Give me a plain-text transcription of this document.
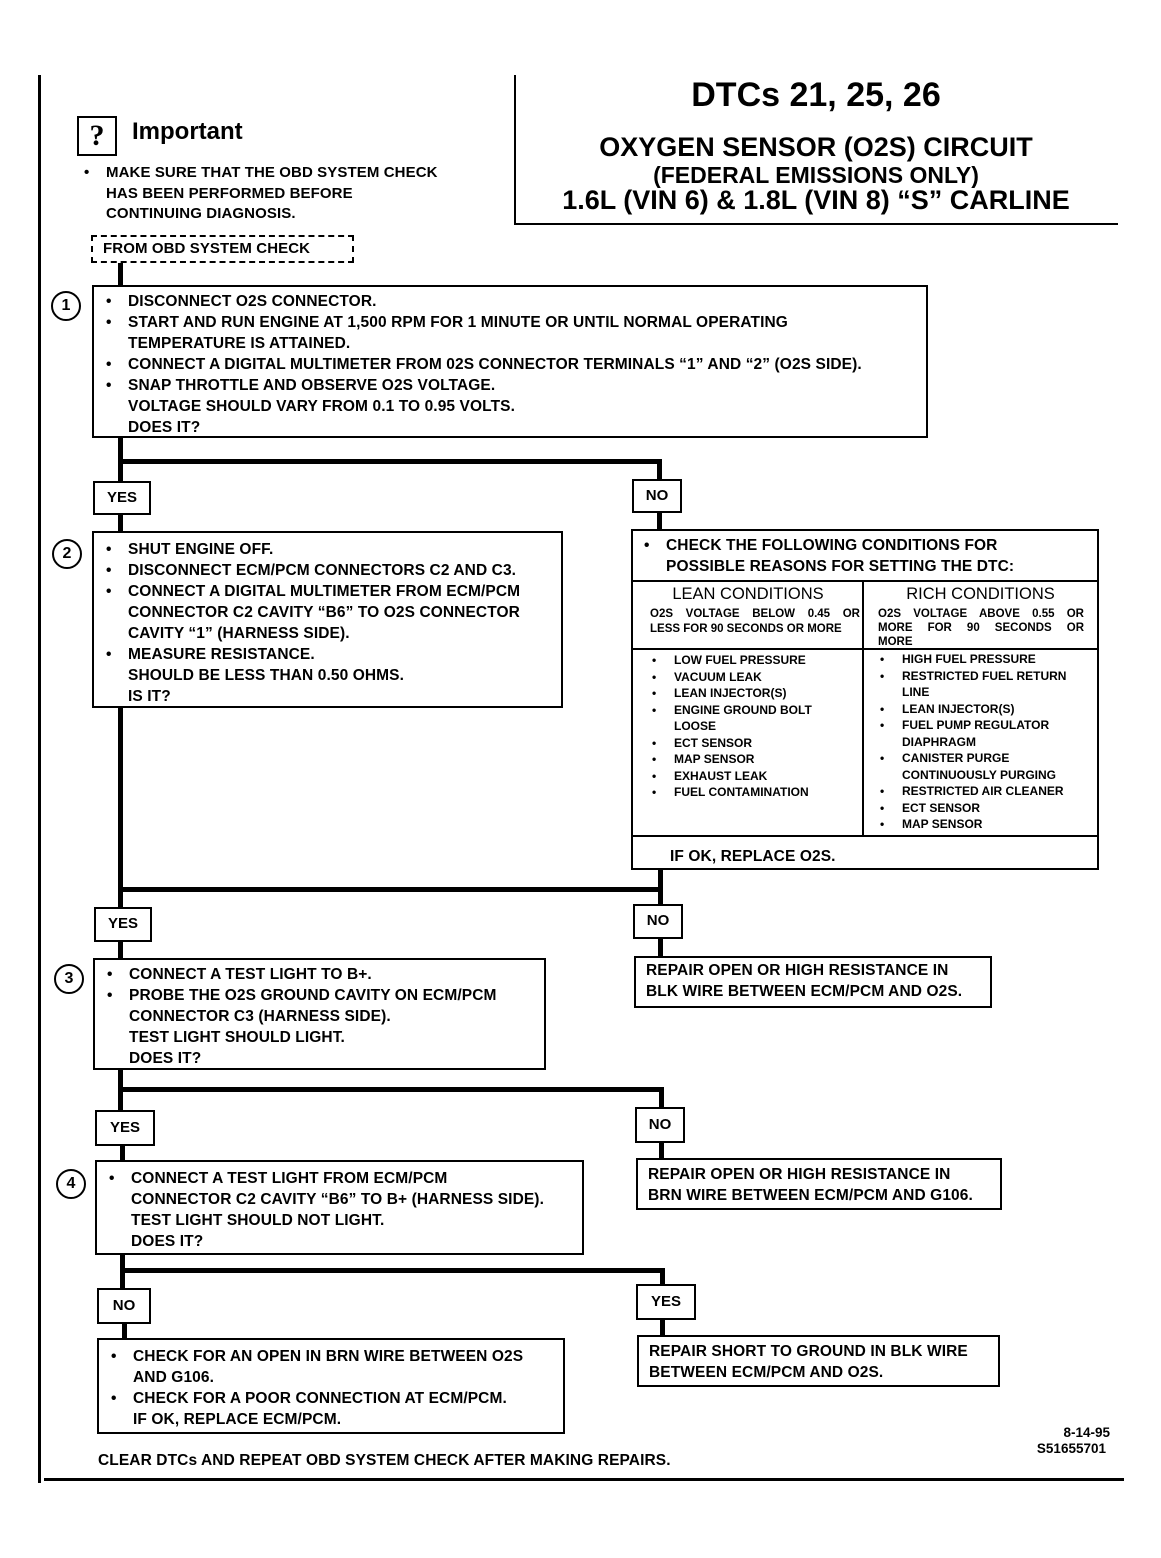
DTCs 21, 25, 26
OXYGEN SENSOR (O2S) CIRCUIT
(FEDERAL EMISSIONS ONLY)
1.6L (VIN 6) & 1.8L (VIN 8) “S” CARLINE
?	Important
• MAKE SURE THAT THE OBD SYSTEM CHECK
HAS BEEN PERFORMED BEFORE
CONTINUING DIAGNOSIS.
FROM OBD SYSTEM CHECK
1	• DISCONNECT O2S CONNECTOR.
• START AND RUN ENGINE AT 1,500 RPM FOR 1 MINUTE OR UNTIL NORMAL OPERATING
TEMPERATURE IS ATTAINED.
• CONNECT A DIGITAL MULTIMETER FROM 02S CONNECTOR TERMINALS “1” AND “2” (O2S SIDE).
• SNAP THROTTLE AND OBSERVE O2S VOLTAGE.
VOLTAGE SHOULD VARY FROM 0.1 TO 0.95 VOLTS.
DOES IT?
YES	NO
2	• SHUT ENGINE OFF.
• DISCONNECT ECM/PCM CONNECTORS C2 AND C3.
• CONNECT A DIGITAL MULTIMETER FROM ECM/PCM
CONNECTOR C2 CAVITY “B6” TO O2S CONNECTOR
CAVITY “1” (HARNESS SIDE).
• MEASURE RESISTANCE.
SHOULD BE LESS THAN 0.50 OHMS.
IS IT?
• CHECK THE FOLLOWING CONDITIONS FOR
POSSIBLE REASONS FOR SETTING THE DTC:
LEAN CONDITIONS
O2S VOLTAGE BELOW 0.45 OR
LESS FOR 90 SECONDS OR MORE
RICH CONDITIONS
O2S VOLTAGE ABOVE 0.55 OR
MORE FOR 90 SECONDS OR
MORE
• LOW FUEL PRESSURE
• VACUUM LEAK
• LEAN INJECTOR(S)
• ENGINE GROUND BOLT
LOOSE
• ECT SENSOR
• MAP SENSOR
• EXHAUST LEAK
• FUEL CONTAMINATION
• HIGH FUEL PRESSURE
• RESTRICTED FUEL RETURN
LINE
• LEAN INJECTOR(S)
• FUEL PUMP REGULATOR
DIAPHRAGM
• CANISTER PURGE
CONTINUOUSLY PURGING
• RESTRICTED AIR CLEANER
• ECT SENSOR
• MAP SENSOR
IF OK, REPLACE O2S.
YES	NO
3	• CONNECT A TEST LIGHT TO B+.
• PROBE THE O2S GROUND CAVITY ON ECM/PCM
CONNECTOR C3 (HARNESS SIDE).
TEST LIGHT SHOULD LIGHT.
DOES IT?
REPAIR OPEN OR HIGH RESISTANCE IN
BLK WIRE BETWEEN ECM/PCM AND O2S.
YES	NO
4	• CONNECT A TEST LIGHT FROM ECM/PCM
CONNECTOR C2 CAVITY “B6” TO B+ (HARNESS SIDE).
TEST LIGHT SHOULD NOT LIGHT.
DOES IT?
REPAIR OPEN OR HIGH RESISTANCE IN
BRN WIRE BETWEEN ECM/PCM AND G106.
NO	YES
• CHECK FOR AN OPEN IN BRN WIRE BETWEEN O2S
AND G106.
• CHECK FOR A POOR CONNECTION AT ECM/PCM.
IF OK, REPLACE ECM/PCM.
REPAIR SHORT TO GROUND IN BLK WIRE
BETWEEN ECM/PCM AND O2S.
CLEAR DTCs AND REPEAT OBD SYSTEM CHECK AFTER MAKING REPAIRS.
8-14-95
S51655701
